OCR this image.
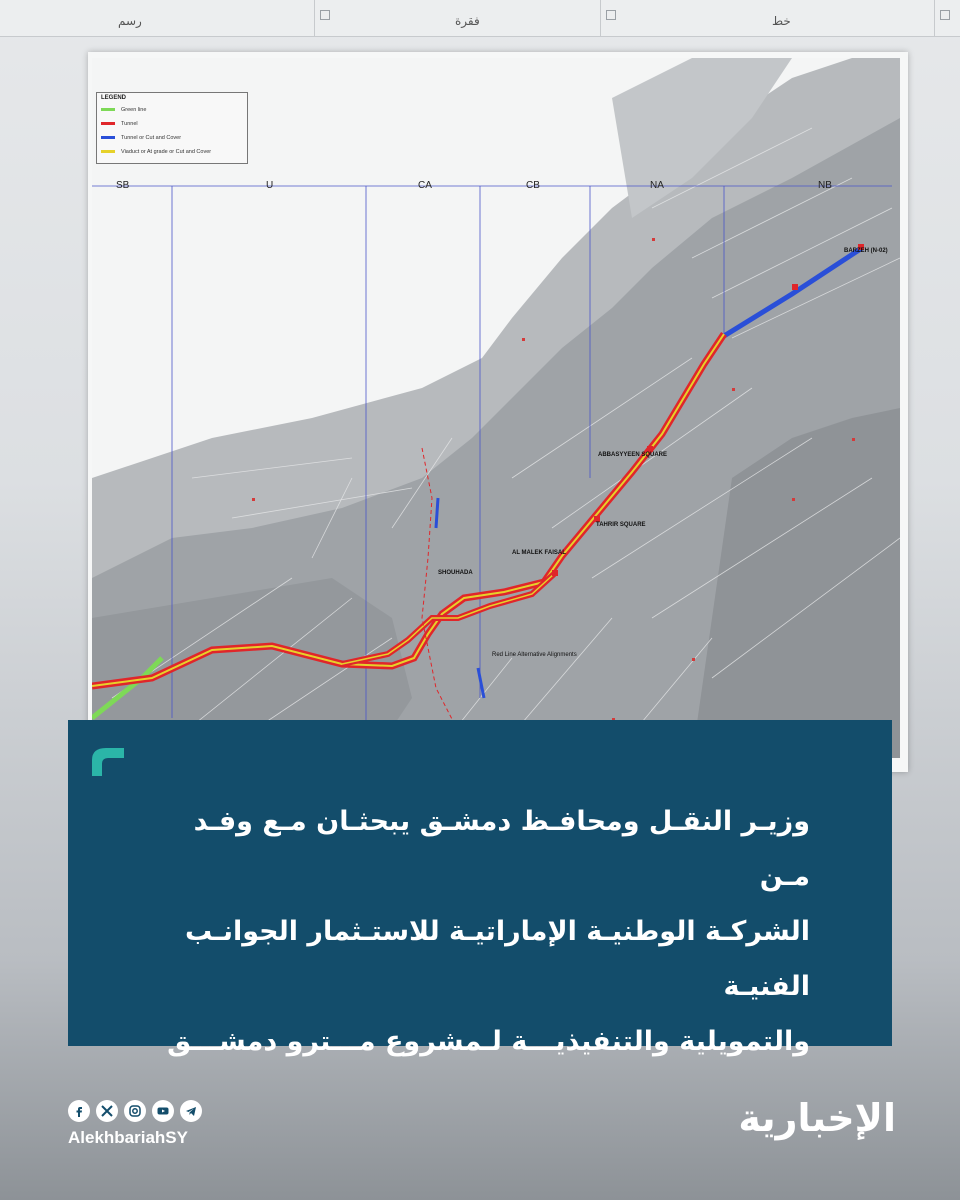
خط
فقرة
رسم
LEGEND
Green line
Tunnel
Tunnel or Cut and Cover
Viaduct or At grade or Cut and Cover
SB	U	CA	CB	NA	NB
BARZEH (N-02)
ABBASYYEEN SQUARE
TAHRIR SQUARE
AL MALEK FAISAL
SHOUHADA
Red Line Alternative Alignments
وزيـر النقـل ومحافـظ دمشـق يبحثـان مـع وفـد مـن
الشركـة الوطنيـة الإماراتيـة للاستـثمار الجوانـب الفنيـة
والتمويلية والتنفيذيـــة لـمشروع مـــترو دمشـــق
AlekhbariahSY	الإخبارية
